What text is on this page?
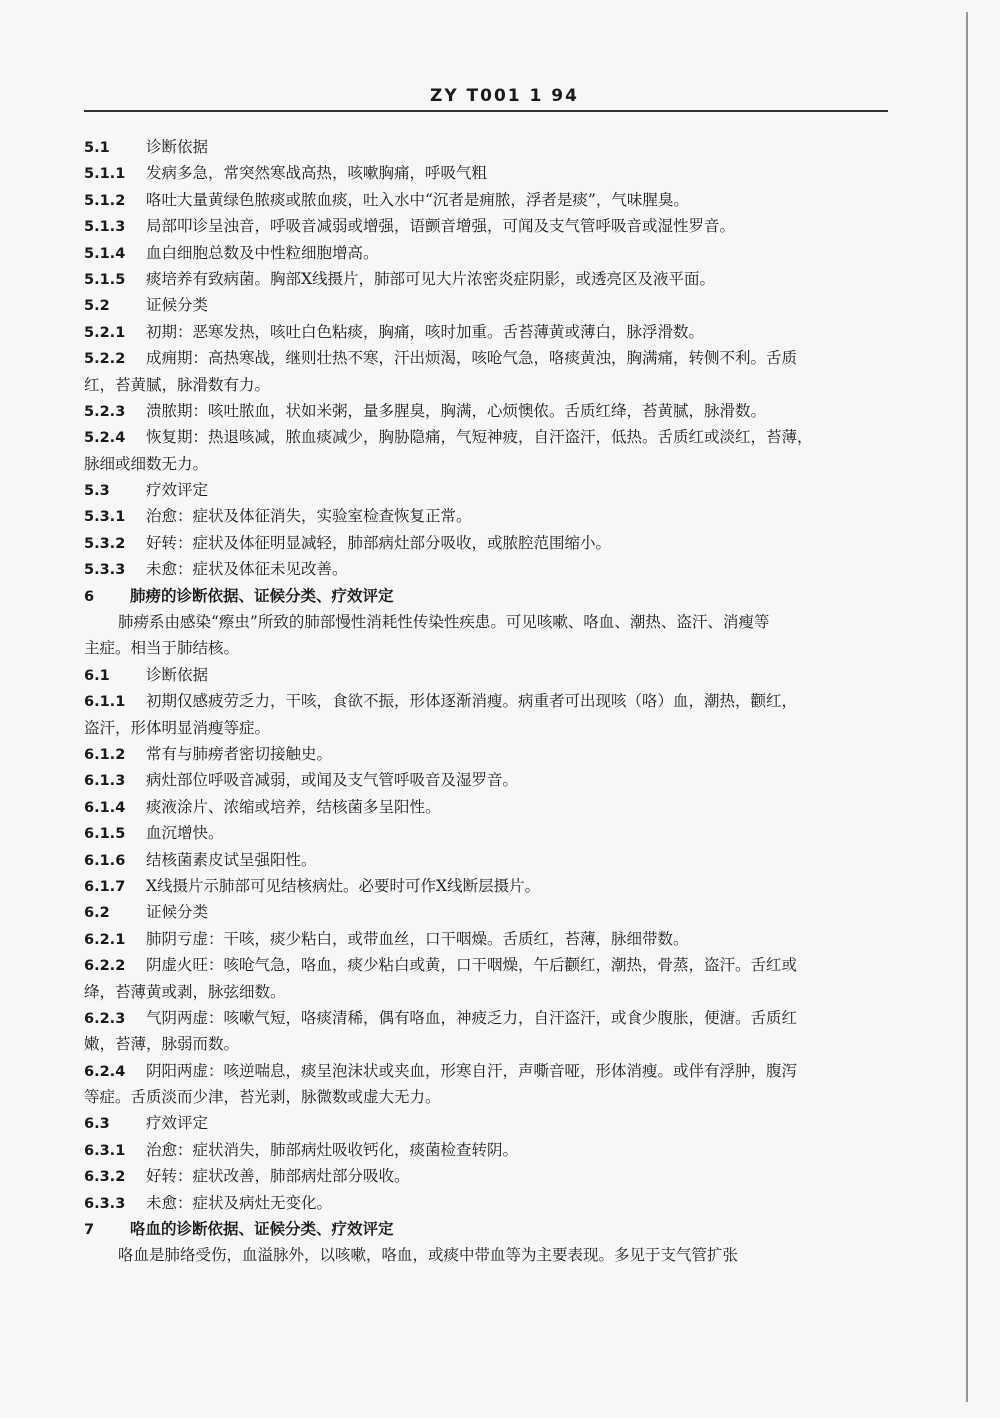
ZY T001 1 94
5.1 诊断依据
5.1.1 发病多急，常突然寒战高热，咳嗽胸痛，呼吸气粗
5.1.2 咯吐大量黄绿色脓痰或脓血痰，吐入水中“沉者是痈脓，浮者是痰”，气味腥臭。
5.1.3 局部叩诊呈浊音，呼吸音减弱或增强，语颤音增强，可闻及支气管呼吸音或湿性罗音。
5.1.4 血白细胞总数及中性粒细胞增高。
5.1.5 痰培养有致病菌。胸部X线摄片，肺部可见大片浓密炎症阴影，或透亮区及液平面。
5.2 证候分类
5.2.1 初期：恶寒发热，咳吐白色粘痰，胸痛，咳时加重。舌苔薄黄或薄白，脉浮滑数。
5.2.2 成痈期：高热寒战，继则壮热不寒，汗出烦渴，咳呛气急，咯痰黄浊，胸满痛，转侧不利。舌质
红，苔黄腻，脉滑数有力。
5.2.3 溃脓期：咳吐脓血，状如米粥，量多腥臭，胸满，心烦懊侬。舌质红绛，苔黄腻，脉滑数。
5.2.4 恢复期：热退咳减，脓血痰减少，胸胁隐痛，气短神疲，自汗盗汗，低热。舌质红或淡红，苔薄，
脉细或细数无力。
5.3 疗效评定
5.3.1 治愈：症状及体征消失，实验室检查恢复正常。
5.3.2 好转：症状及体征明显减轻，肺部病灶部分吸收，或脓腔范围缩小。
5.3.3 未愈：症状及体征未见改善。
6 肺痨的诊断依据、证候分类、疗效评定
肺痨系由感染“瘵虫”所致的肺部慢性消耗性传染性疾患。可见咳嗽、咯血、潮热、盗汗、消瘦等
主症。相当于肺结核。
6.1 诊断依据
6.1.1 初期仅感疲劳乏力，干咳，食欲不振，形体逐渐消瘦。病重者可出现咳（咯）血，潮热，颧红，
盗汗，形体明显消瘦等症。
6.1.2 常有与肺痨者密切接触史。
6.1.3 病灶部位呼吸音减弱，或闻及支气管呼吸音及湿罗音。
6.1.4 痰液涂片、浓缩或培养，结核菌多呈阳性。
6.1.5 血沉增快。
6.1.6 结核菌素皮试呈强阳性。
6.1.7 X线摄片示肺部可见结核病灶。必要时可作X线断层摄片。
6.2 证候分类
6.2.1 肺阴亏虚：干咳，痰少粘白，或带血丝，口干咽燥。舌质红，苔薄，脉细带数。
6.2.2 阴虚火旺：咳呛气急，咯血，痰少粘白或黄，口干咽燥，午后颧红，潮热，骨蒸，盗汗。舌红或
绛，苔薄黄或剥，脉弦细数。
6.2.3 气阴两虚：咳嗽气短，咯痰清稀，偶有咯血，神疲乏力，自汗盗汗，或食少腹胀，便溏。舌质红
嫩，苔薄，脉弱而数。
6.2.4 阴阳两虚：咳逆喘息，痰呈泡沫状或夹血，形寒自汗，声嘶音哑，形体消瘦。或伴有浮肿，腹泻
等症。舌质淡而少津，苔光剥，脉微数或虚大无力。
6.3 疗效评定
6.3.1 治愈：症状消失，肺部病灶吸收钙化，痰菌检查转阴。
6.3.2 好转：症状改善，肺部病灶部分吸收。
6.3.3 未愈：症状及病灶无变化。
7 咯血的诊断依据、证候分类、疗效评定
咯血是肺络受伤，血溢脉外，以咳嗽，咯血，或痰中带血等为主要表现。多见于支气管扩张
